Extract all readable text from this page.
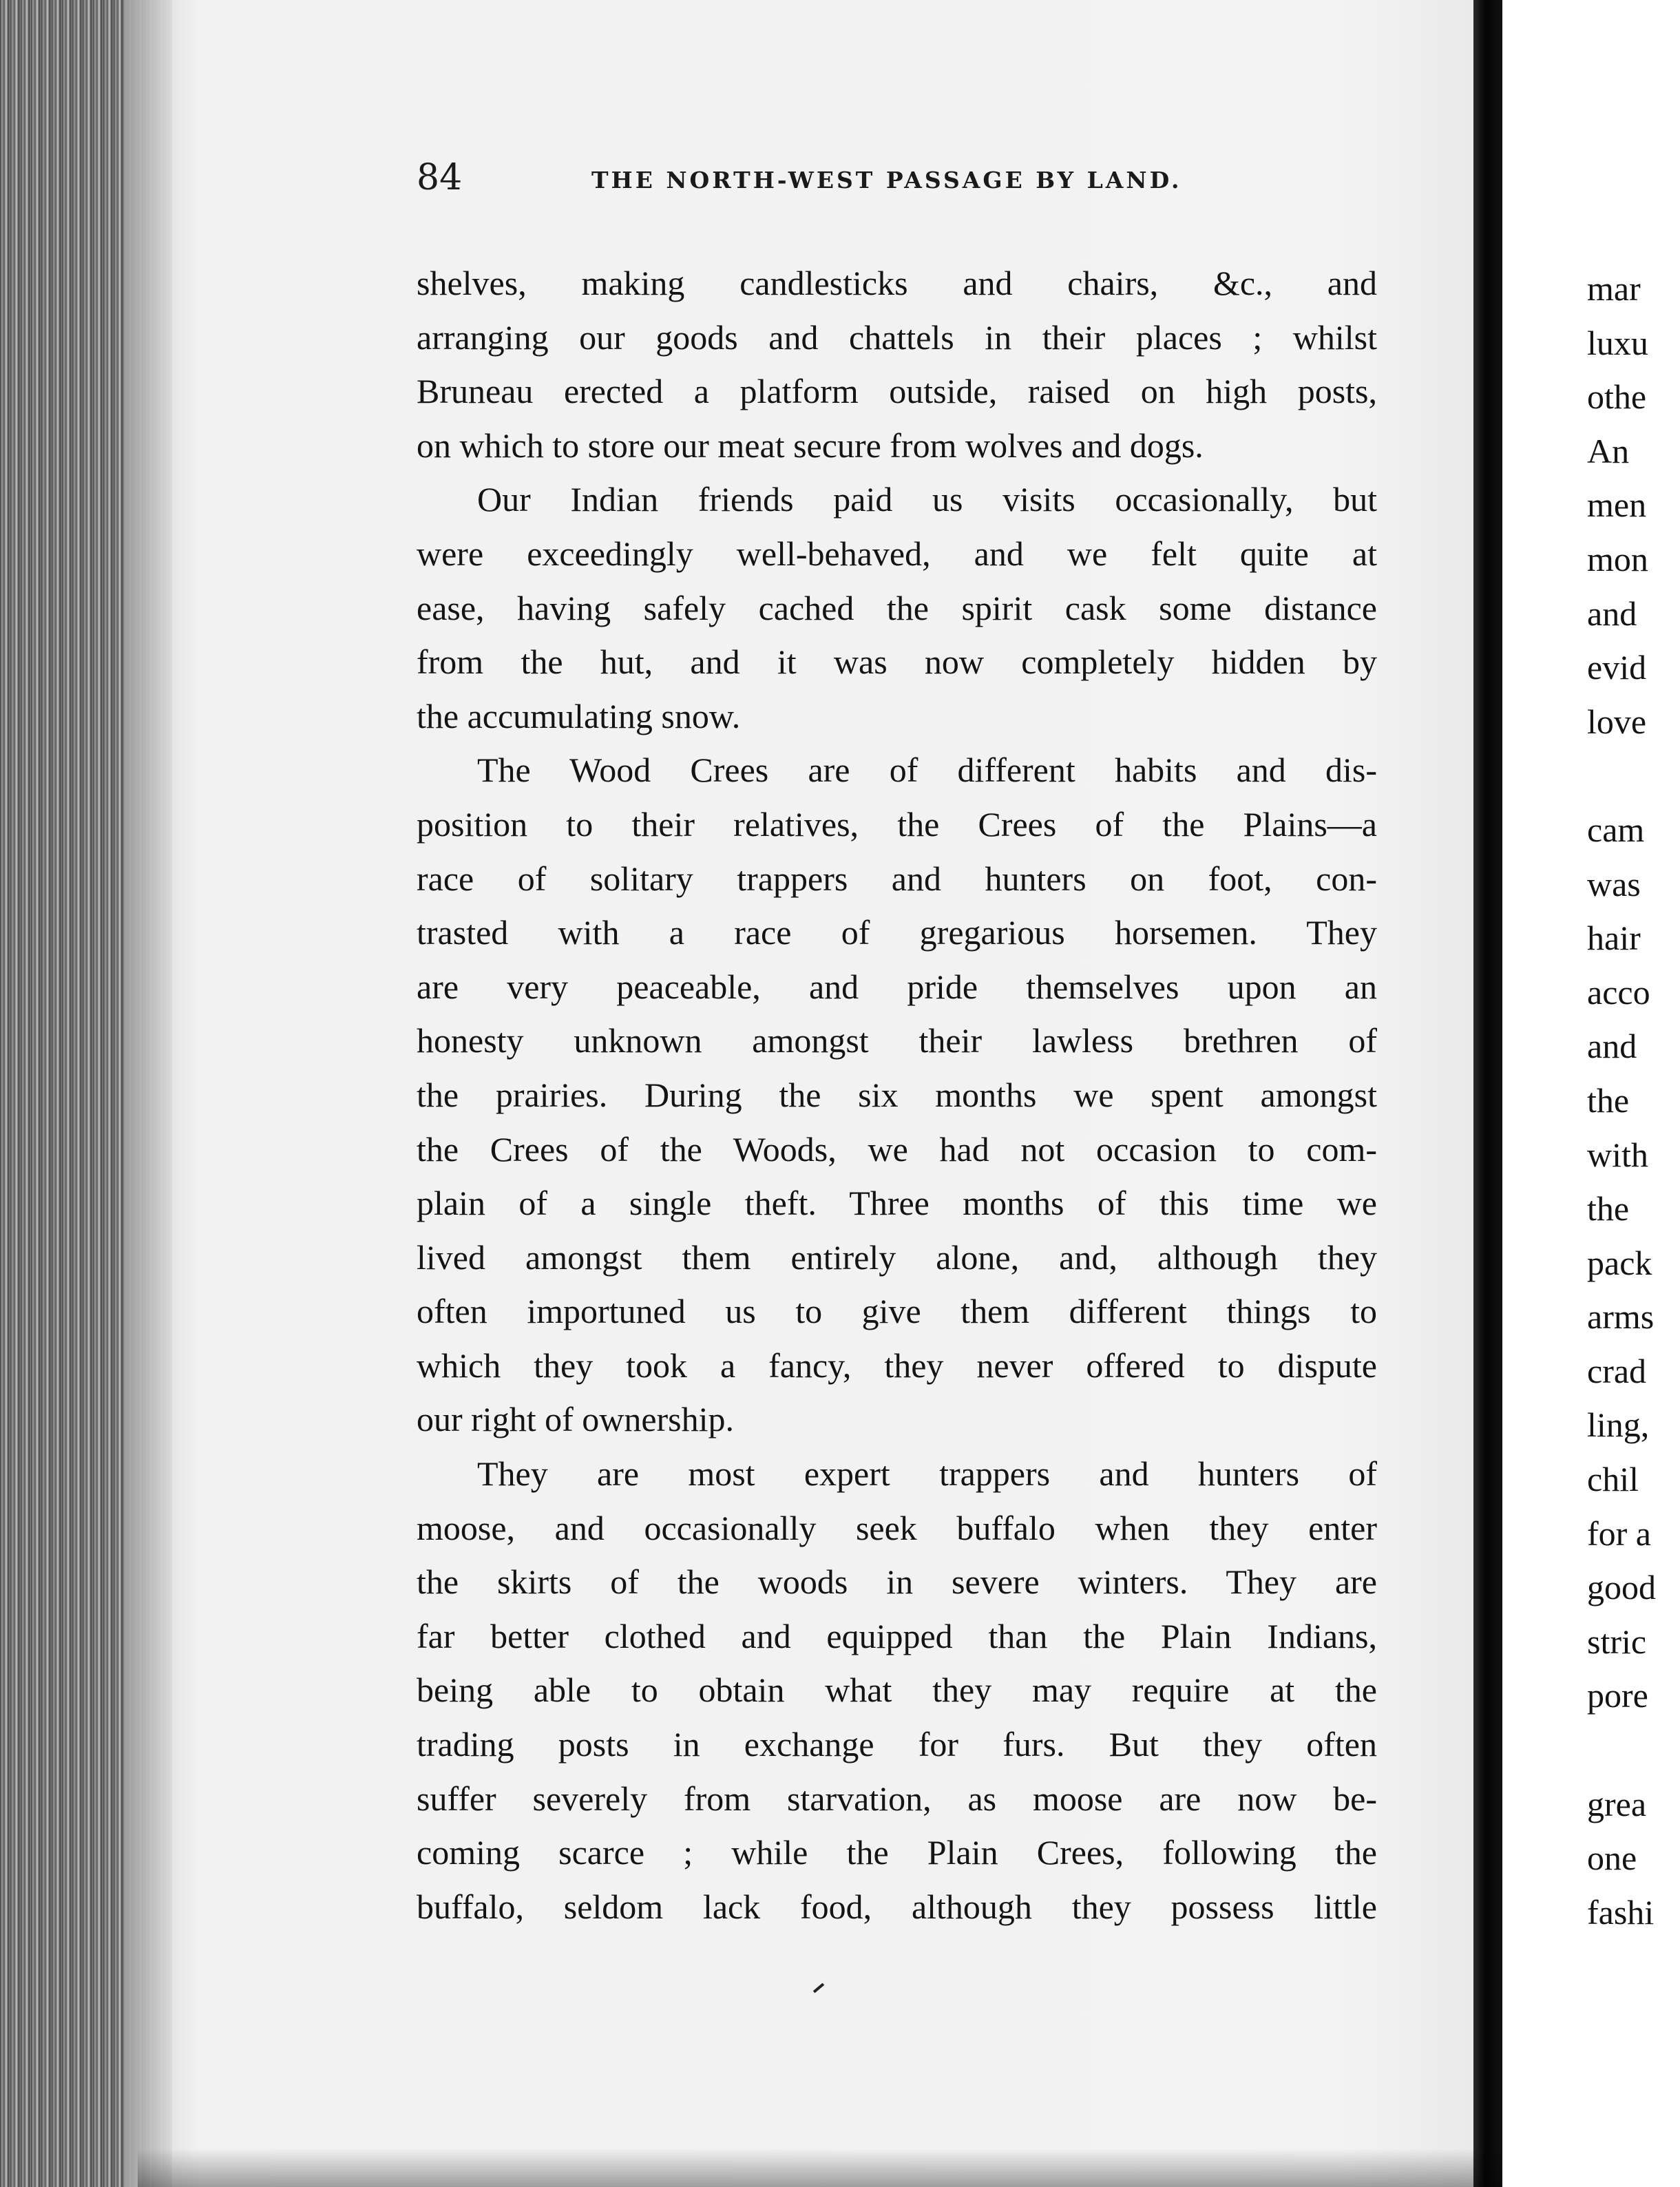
mar
luxu
othe
An
men
mon
and
evid
love
cam
was
hair
acco
and
the
with
the
pack
arms
crad
ling,
chil
for a
good
stric
pore
grea
one
fashi
84	THE NORTH-WEST PASSAGE BY LAND.
shelves, making candlesticks and chairs, &c., and
arranging our goods and chattels in their places ; whilst
Bruneau erected a platform outside, raised on high posts,
on which to store our meat secure from wolves and dogs.
Our Indian friends paid us visits occasionally, but
were exceedingly well-behaved, and we felt quite at
ease, having safely cached the spirit cask some distance
from the hut, and it was now completely hidden by
the accumulating snow.
The Wood Crees are of different habits and dis-
position to their relatives, the Crees of the Plains—a
race of solitary trappers and hunters on foot, con-
trasted with a race of gregarious horsemen. They
are very peaceable, and pride themselves upon an
honesty unknown amongst their lawless brethren of
the prairies. During the six months we spent amongst
the Crees of the Woods, we had not occasion to com-
plain of a single theft. Three months of this time we
lived amongst them entirely alone, and, although they
often importuned us to give them different things to
which they took a fancy, they never offered to dispute
our right of ownership.
They are most expert trappers and hunters of
moose, and occasionally seek buffalo when they enter
the skirts of the woods in severe winters. They are
far better clothed and equipped than the Plain Indians,
being able to obtain what they may require at the
trading posts in exchange for furs. But they often
suffer severely from starvation, as moose are now be-
coming scarce ; while the Plain Crees, following the
buffalo, seldom lack food, although they possess little
